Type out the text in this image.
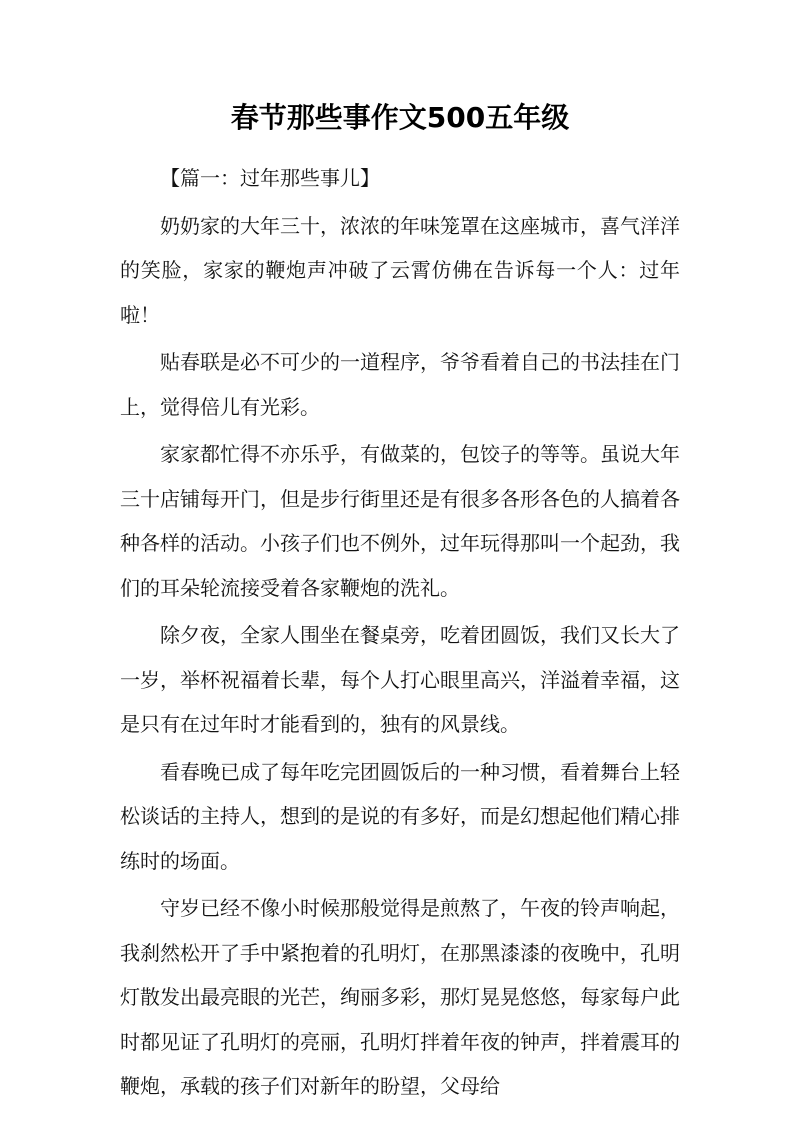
春节那些事作文500五年级

【篇一：过年那些事儿】

奶奶家的大年三十，浓浓的年味笼罩在这座城市，喜气洋洋的笑脸，家家的鞭炮声冲破了云霄仿佛在告诉每一个人：过年啦！

贴春联是必不可少的一道程序，爷爷看着自己的书法挂在门上，觉得倍儿有光彩。

家家都忙得不亦乐乎，有做菜的，包饺子的等等。虽说大年三十店铺每开门，但是步行街里还是有很多各形各色的人搞着各种各样的活动。小孩子们也不例外，过年玩得那叫一个起劲，我们的耳朵轮流接受着各家鞭炮的洗礼。

除夕夜，全家人围坐在餐桌旁，吃着团圆饭，我们又长大了一岁，举杯祝福着长辈，每个人打心眼里高兴，洋溢着幸福，这是只有在过年时才能看到的，独有的风景线。

看春晚已成了每年吃完团圆饭后的一种习惯，看着舞台上轻松谈话的主持人，想到的是说的有多好，而是幻想起他们精心排练时的场面。

守岁已经不像小时候那般觉得是煎熬了，午夜的铃声响起，我刹然松开了手中紧抱着的孔明灯，在那黑漆漆的夜晚中，孔明灯散发出最亮眼的光芒，绚丽多彩，那灯晃晃悠悠，每家每户此时都见证了孔明灯的亮丽，孔明灯拌着年夜的钟声，拌着震耳的鞭炮，承载的孩子们对新年的盼望，父母给
